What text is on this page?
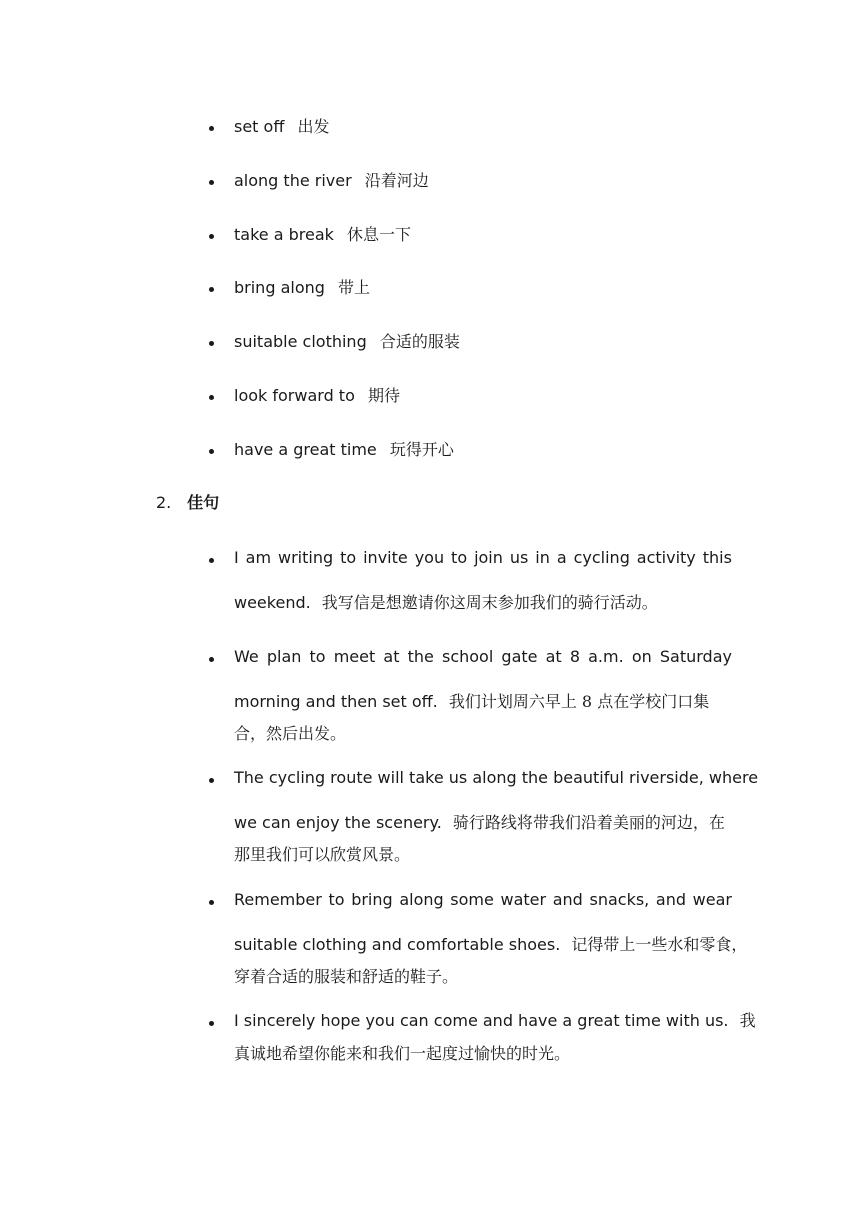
set off 出发
along the river 沿着河边
take a break 休息一下
bring along 带上
suitable clothing 合适的服装
look forward to 期待
have a great time 玩得开心
2. 佳句
I am writing to invite you to join us in a cycling activity this
weekend. 我写信是想邀请你这周末参加我们的骑行活动。
We plan to meet at the school gate at 8 a.m. on Saturday
morning and then set off. 我们计划周六早上 8 点在学校门口集
合，然后出发。
The cycling route will take us along the beautiful riverside, where
we can enjoy the scenery. 骑行路线将带我们沿着美丽的河边，在
那里我们可以欣赏风景。
Remember to bring along some water and snacks, and wear
suitable clothing and comfortable shoes. 记得带上一些水和零食，
穿着合适的服装和舒适的鞋子。
I sincerely hope you can come and have a great time with us. 我
真诚地希望你能来和我们一起度过愉快的时光。
